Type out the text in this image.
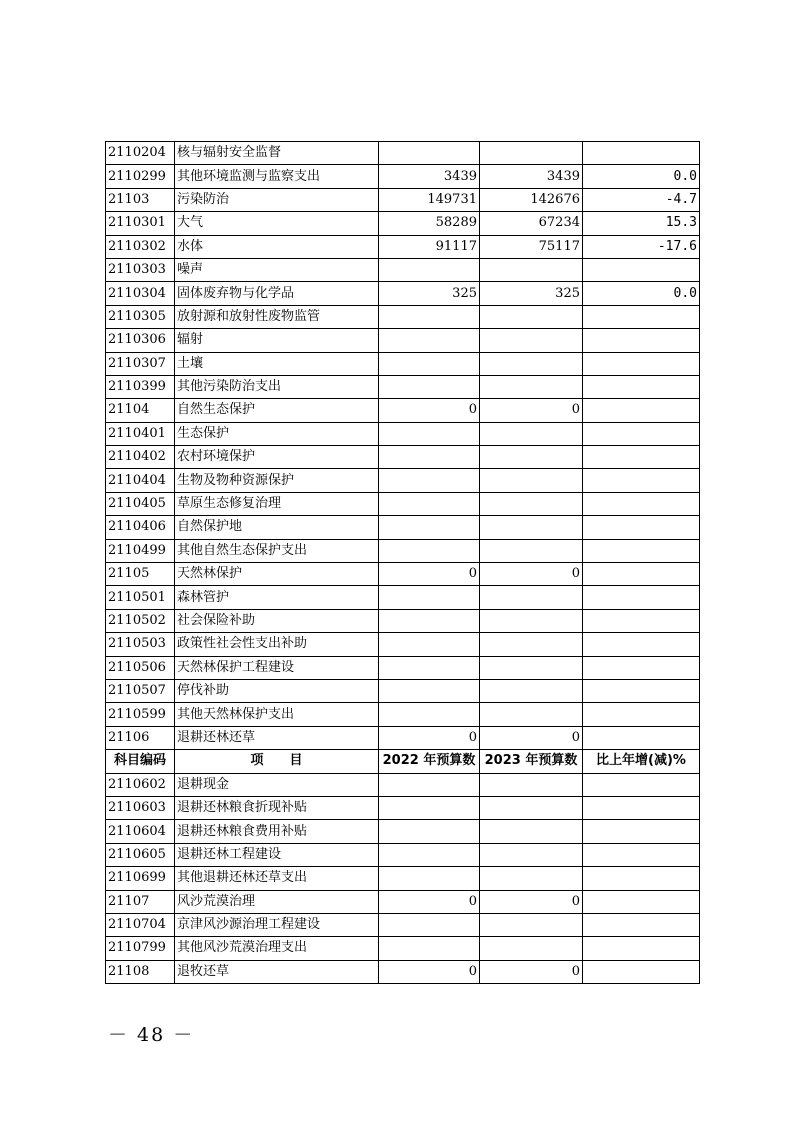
2110204	核与辐射安全监督			
2110299	其他环境监测与监察支出	3439	3439	0.0
21103	污染防治	149731	142676	-4.7
2110301	大气	58289	67234	15.3
2110302	水体	91117	75117	-17.6
2110303	噪声			
2110304	固体废弃物与化学品	325	325	0.0
2110305	放射源和放射性废物监管			
2110306	辐射			
2110307	土壤			
2110399	其他污染防治支出			
21104	自然生态保护	0	0	
2110401	生态保护			
2110402	农村环境保护			
2110404	生物及物种资源保护			
2110405	草原生态修复治理			
2110406	自然保护地			
2110499	其他自然生态保护支出			
21105	天然林保护	0	0	
2110501	森林管护			
2110502	社会保险补助			
2110503	政策性社会性支出补助			
2110506	天然林保护工程建设			
2110507	停伐补助			
2110599	其他天然林保护支出			
21106	退耕还林还草	0	0	
科目编码	项　　目	2022 年预算数	2023 年预算数	比上年增(减)%
2110602	退耕现金			
2110603	退耕还林粮食折现补贴			
2110604	退耕还林粮食费用补贴			
2110605	退耕还林工程建设			
2110699	其他退耕还林还草支出			
21107	风沙荒漠治理	0	0	
2110704	京津风沙源治理工程建设			
2110799	其他风沙荒漠治理支出			
21108	退牧还草	0	0	
－ 48 －
